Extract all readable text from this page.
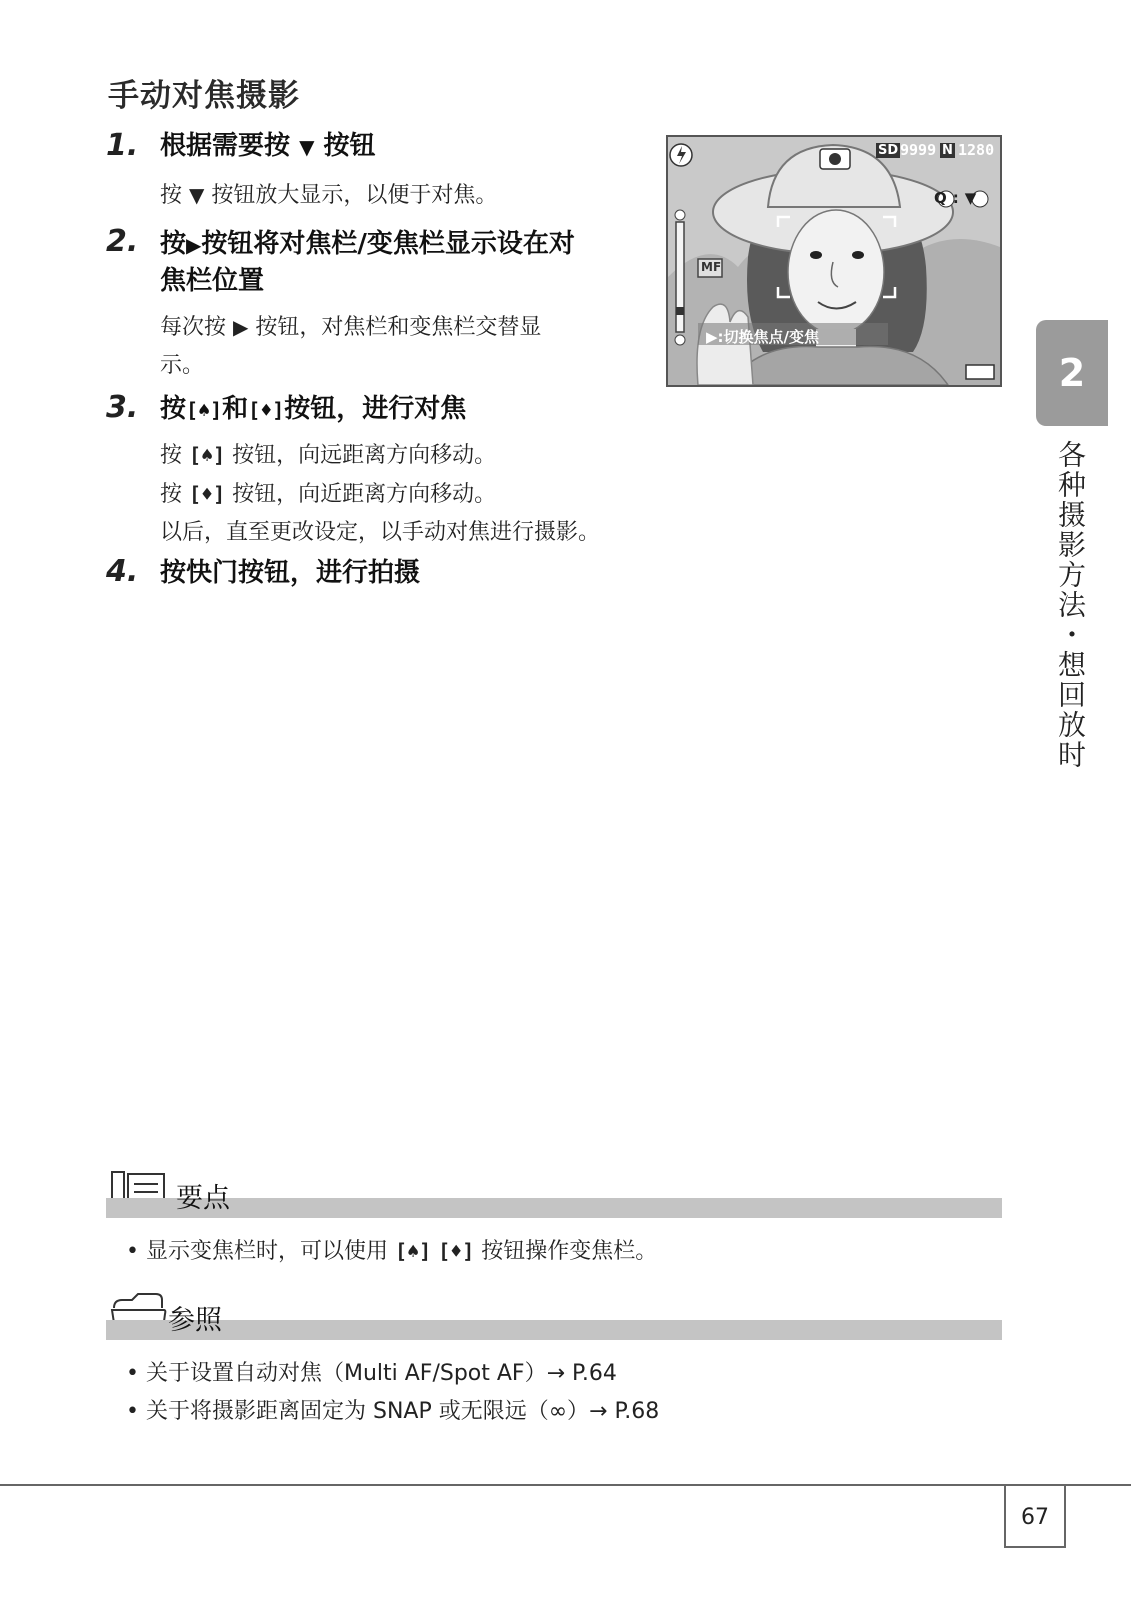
手动对焦摄影
1. 根据需要按 ▼ 按钮
按 ▼ 按钮放大显示，以便于对焦。
2. 按▶按钮将对焦栏/变焦栏显示设在对
焦栏位置
每次按 ▶ 按钮，对焦栏和变焦栏交替显
示。
3. 按[♠]和[♦]按钮，进行对焦
按 [♠] 按钮，向远距离方向移动。
按 [♦] 按钮，向近距离方向移动。
以后，直至更改设定，以手动对焦进行摄影。
4. 按快门按钮，进行拍摄
SD 9999 N 1280
MF
Q:▼
▶:切换焦点/变焦
2
各种摄影方法・想回放时
要点
• 显示变焦栏时，可以使用 [♠] [♦] 按钮操作变焦栏。
参照
• 关于设置自动对焦（Multi AF/Spot AF）→ P.64
• 关于将摄影距离固定为 SNAP 或无限远（∞）→ P.68
67
